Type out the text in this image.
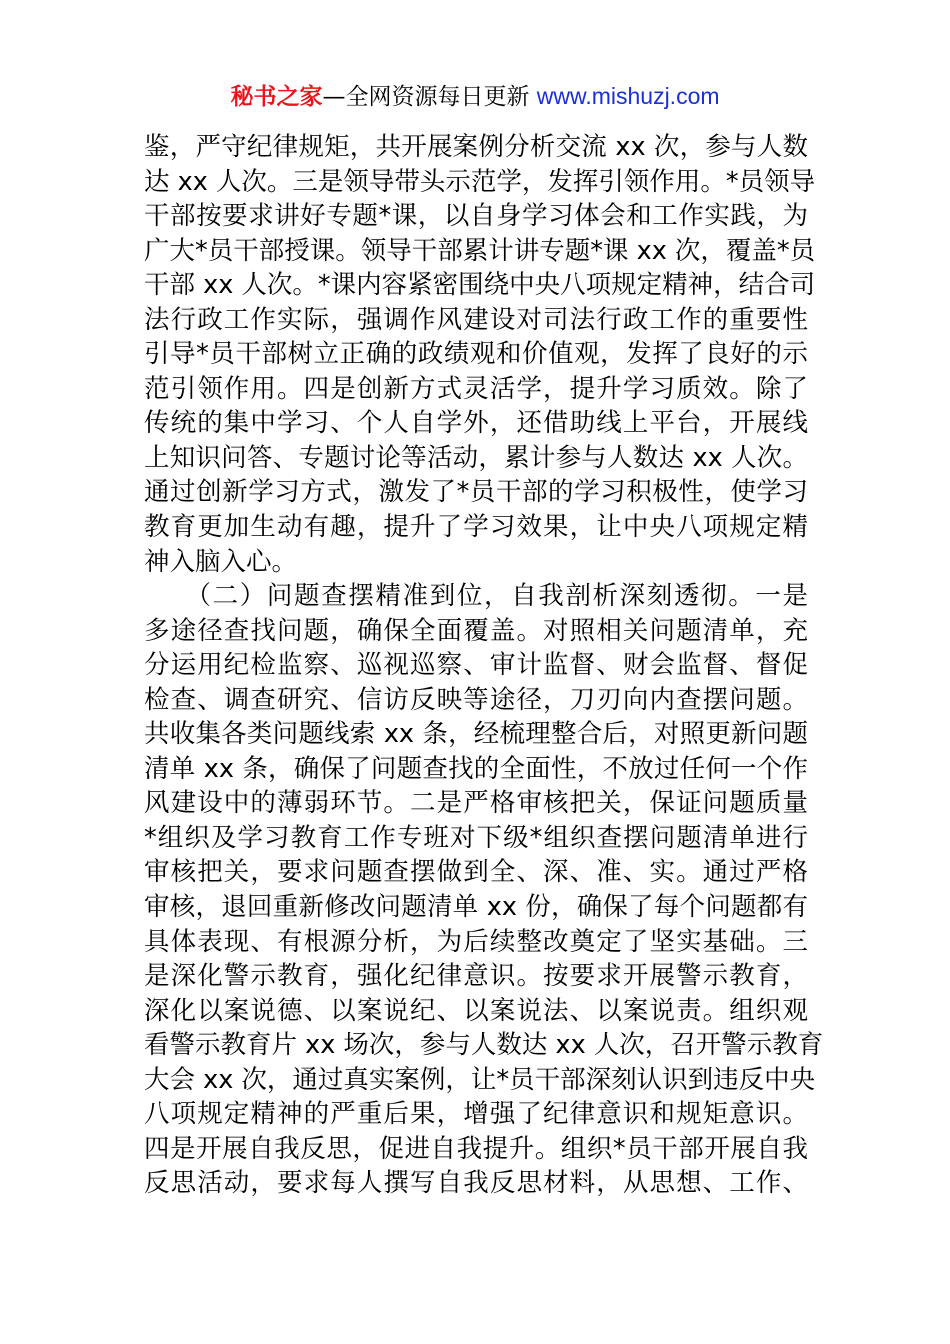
秘书之家—全网资源每日更新 www.mishuzj.com
鉴，严守纪律规矩，共开展案例分析交流 xx 次，参与人数
达 xx 人次。三是领导带头示范学，发挥引领作用。*员领导
干部按要求讲好专题*课，以自身学习体会和工作实践，为
广大*员干部授课。领导干部累计讲专题*课 xx 次，覆盖*员
干部 xx 人次。*课内容紧密围绕中央八项规定精神，结合司
法行政工作实际，强调作风建设对司法行政工作的重要性
引导*员干部树立正确的政绩观和价值观，发挥了良好的示
范引领作用。四是创新方式灵活学，提升学习质效。除了
传统的集中学习、个人自学外，还借助线上平台，开展线
上知识问答、专题讨论等活动，累计参与人数达 xx 人次。
通过创新学习方式，激发了*员干部的学习积极性，使学习
教育更加生动有趣，提升了学习效果，让中央八项规定精
神入脑入心。
　　（二）问题查摆精准到位，自我剖析深刻透彻。一是
多途径查找问题，确保全面覆盖。对照相关问题清单，充
分运用纪检监察、巡视巡察、审计监督、财会监督、督促
检查、调查研究、信访反映等途径，刀刃向内查摆问题。
共收集各类问题线索 xx 条，经梳理整合后，对照更新问题
清单 xx 条，确保了问题查找的全面性，不放过任何一个作
风建设中的薄弱环节。二是严格审核把关，保证问题质量
*组织及学习教育工作专班对下级*组织查摆问题清单进行
审核把关，要求问题查摆做到全、深、准、实。通过严格
审核，退回重新修改问题清单 xx 份，确保了每个问题都有
具体表现、有根源分析，为后续整改奠定了坚实基础。三
是深化警示教育，强化纪律意识。按要求开展警示教育，
深化以案说德、以案说纪、以案说法、以案说责。组织观
看警示教育片 xx 场次，参与人数达 xx 人次，召开警示教育
大会 xx 次，通过真实案例，让*员干部深刻认识到违反中央
八项规定精神的严重后果，增强了纪律意识和规矩意识。
四是开展自我反思，促进自我提升。组织*员干部开展自我
反思活动，要求每人撰写自我反思材料，从思想、工作、
